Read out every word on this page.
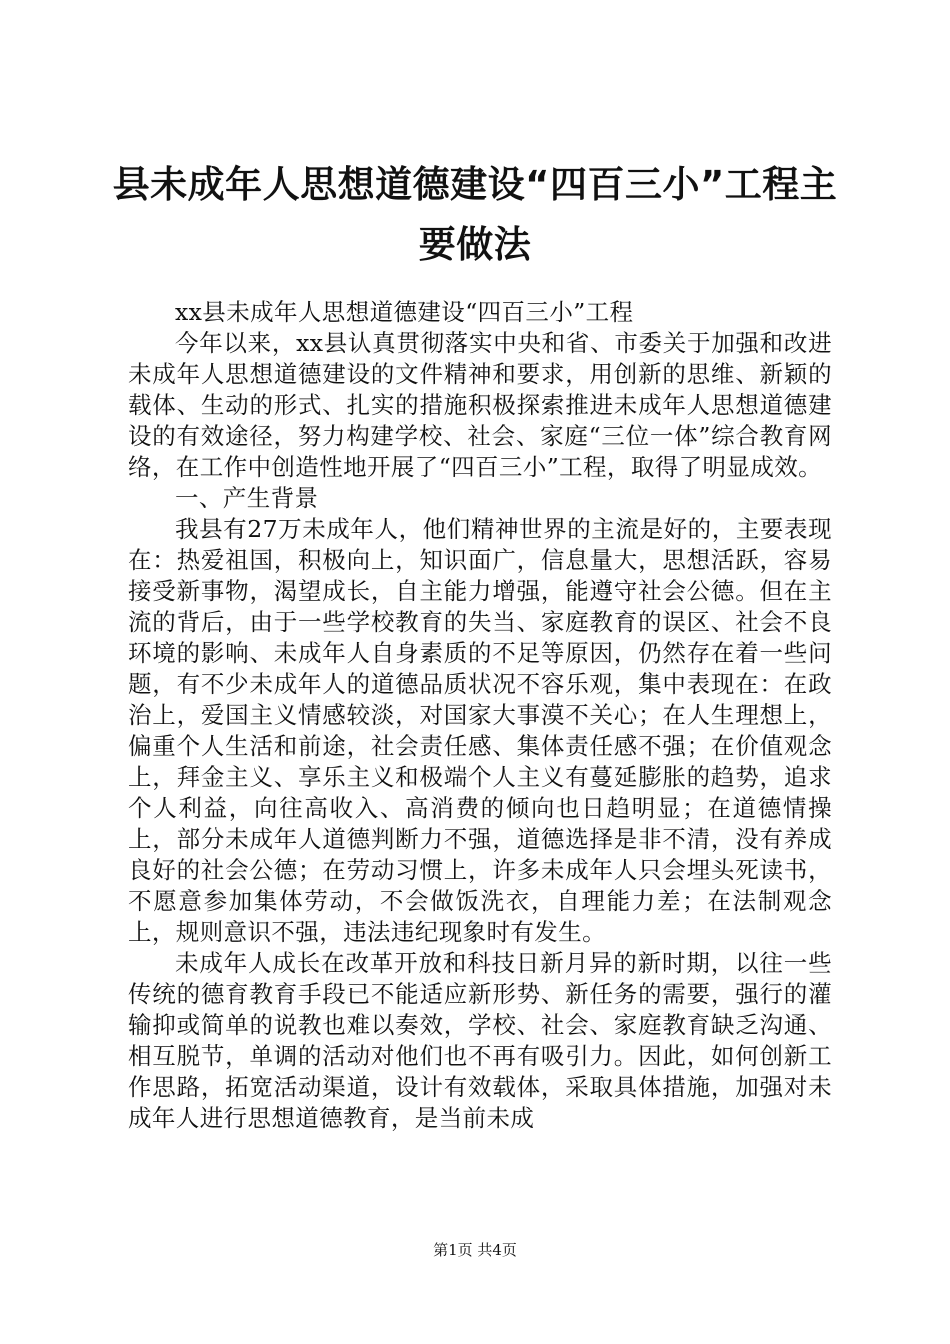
县未成年人思想道德建设“四百三小”工程主
要做法

xx县未成年人思想道德建设“四百三小”工程

今年以来，xx县认真贯彻落实中央和省、市委关于加强和改进未成年人思想道德建设的文件精神和要求，用创新的思维、新颖的载体、生动的形式、扎实的措施积极探索推进未成年人思想道德建设的有效途径，努力构建学校、社会、家庭“三位一体”综合教育网络，在工作中创造性地开展了“四百三小”工程，取得了明显成效。

一、产生背景

我县有27万未成年人，他们精神世界的主流是好的，主要表现在：热爱祖国，积极向上，知识面广，信息量大，思想活跃，容易接受新事物，渴望成长，自主能力增强，能遵守社会公德。但在主流的背后，由于一些学校教育的失当、家庭教育的误区、社会不良环境的影响、未成年人自身素质的不足等原因，仍然存在着一些问题，有不少未成年人的道德品质状况不容乐观，集中表现在：在政治上，爱国主义情感较淡，对国家大事漠不关心；在人生理想上，偏重个人生活和前途，社会责任感、集体责任感不强；在价值观念上，拜金主义、享乐主义和极端个人主义有蔓延膨胀的趋势，追求个人利益，向往高收入、高消费的倾向也日趋明显；在道德情操上，部分未成年人道德判断力不强，道德选择是非不清，没有养成良好的社会公德；在劳动习惯上，许多未成年人只会埋头死读书，不愿意参加集体劳动，不会做饭洗衣，自理能力差；在法制观念上，规则意识不强，违法违纪现象时有发生。

未成年人成长在改革开放和科技日新月异的新时期，以往一些传统的德育教育手段已不能适应新形势、新任务的需要，强行的灌输抑或简单的说教也难以奏效，学校、社会、家庭教育缺乏沟通、相互脱节，单调的活动对他们也不再有吸引力。因此，如何创新工作思路，拓宽活动渠道，设计有效载体，采取具体措施，加强对未成年人进行思想道德教育，是当前未成

第1页 共4页
